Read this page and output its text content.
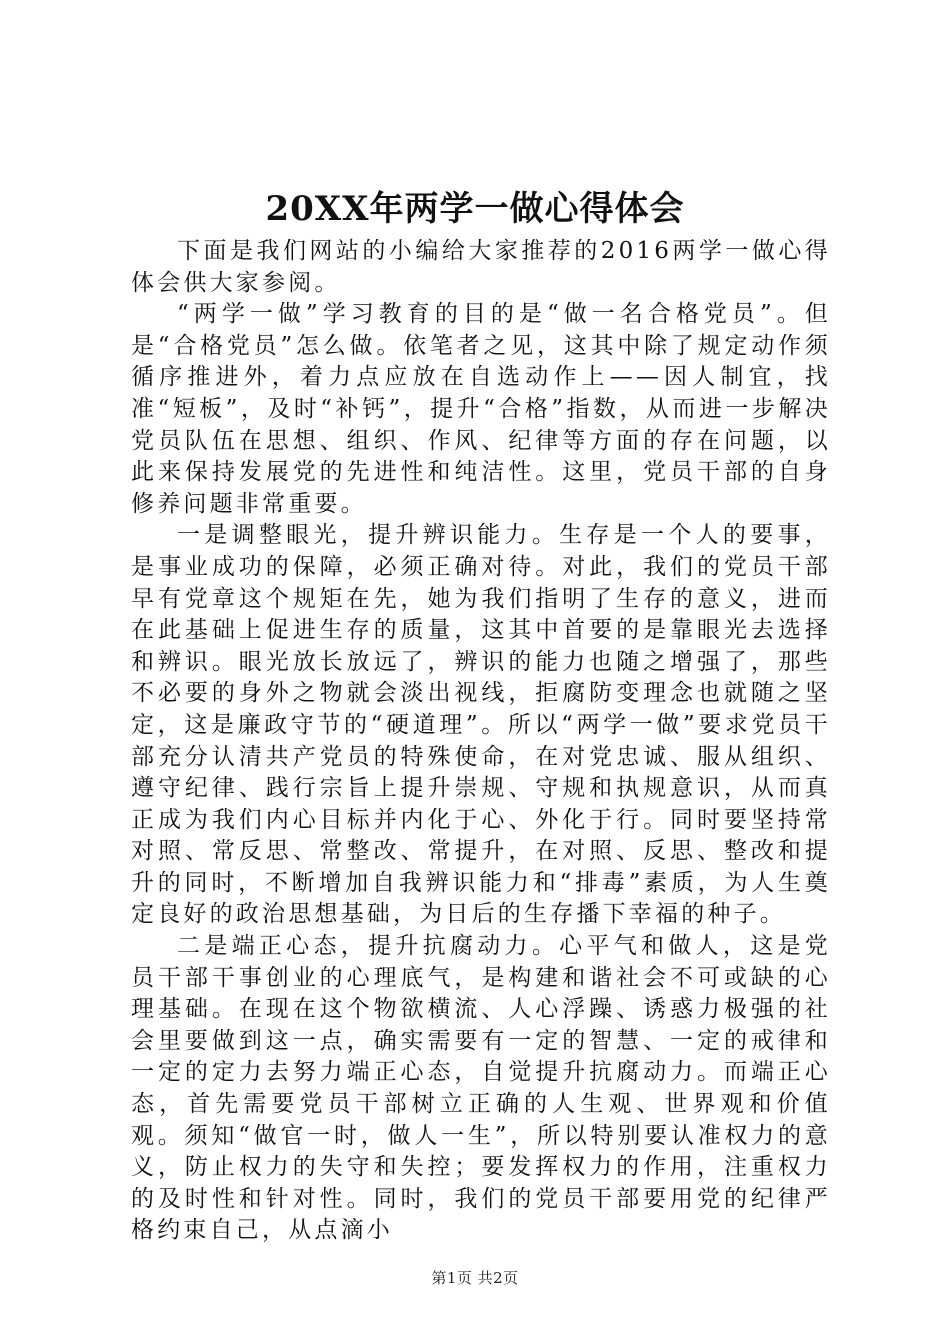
20XX年两学一做心得体会

下面是我们网站的小编给大家推荐的2016两学一做心得体会供大家参阅。

“两学一做”学习教育的目的是“做一名合格党员”。但是“合格党员”怎么做。依笔者之见，这其中除了规定动作须循序推进外，着力点应放在自选动作上——因人制宜，找准“短板”，及时“补钙”，提升“合格”指数，从而进一步解决党员队伍在思想、组织、作风、纪律等方面的存在问题，以此来保持发展党的先进性和纯洁性。这里，党员干部的自身修养问题非常重要。

一是调整眼光，提升辨识能力。生存是一个人的要事，是事业成功的保障，必须正确对待。对此，我们的党员干部早有党章这个规矩在先，她为我们指明了生存的意义，进而在此基础上促进生存的质量，这其中首要的是靠眼光去选择和辨识。眼光放长放远了，辨识的能力也随之增强了，那些不必要的身外之物就会淡出视线，拒腐防变理念也就随之坚定，这是廉政守节的“硬道理”。所以“两学一做”要求党员干部充分认清共产党员的特殊使命，在对党忠诚、服从组织、遵守纪律、践行宗旨上提升崇规、守规和执规意识，从而真正成为我们内心目标并内化于心、外化于行。同时要坚持常对照、常反思、常整改、常提升，在对照、反思、整改和提升的同时，不断增加自我辨识能力和“排毒”素质，为人生奠定良好的政治思想基础，为日后的生存播下幸福的种子。

二是端正心态，提升抗腐动力。心平气和做人，这是党员干部干事创业的心理底气，是构建和谐社会不可或缺的心理基础。在现在这个物欲横流、人心浮躁、诱惑力极强的社会里要做到这一点，确实需要有一定的智慧、一定的戒律和一定的定力去努力端正心态，自觉提升抗腐动力。而端正心态，首先需要党员干部树立正确的人生观、世界观和价值观。须知“做官一时，做人一生”，所以特别要认准权力的意义，防止权力的失守和失控；要发挥权力的作用，注重权力的及时性和针对性。同时，我们的党员干部要用党的纪律严格约束自己，从点滴小

第1页 共2页
